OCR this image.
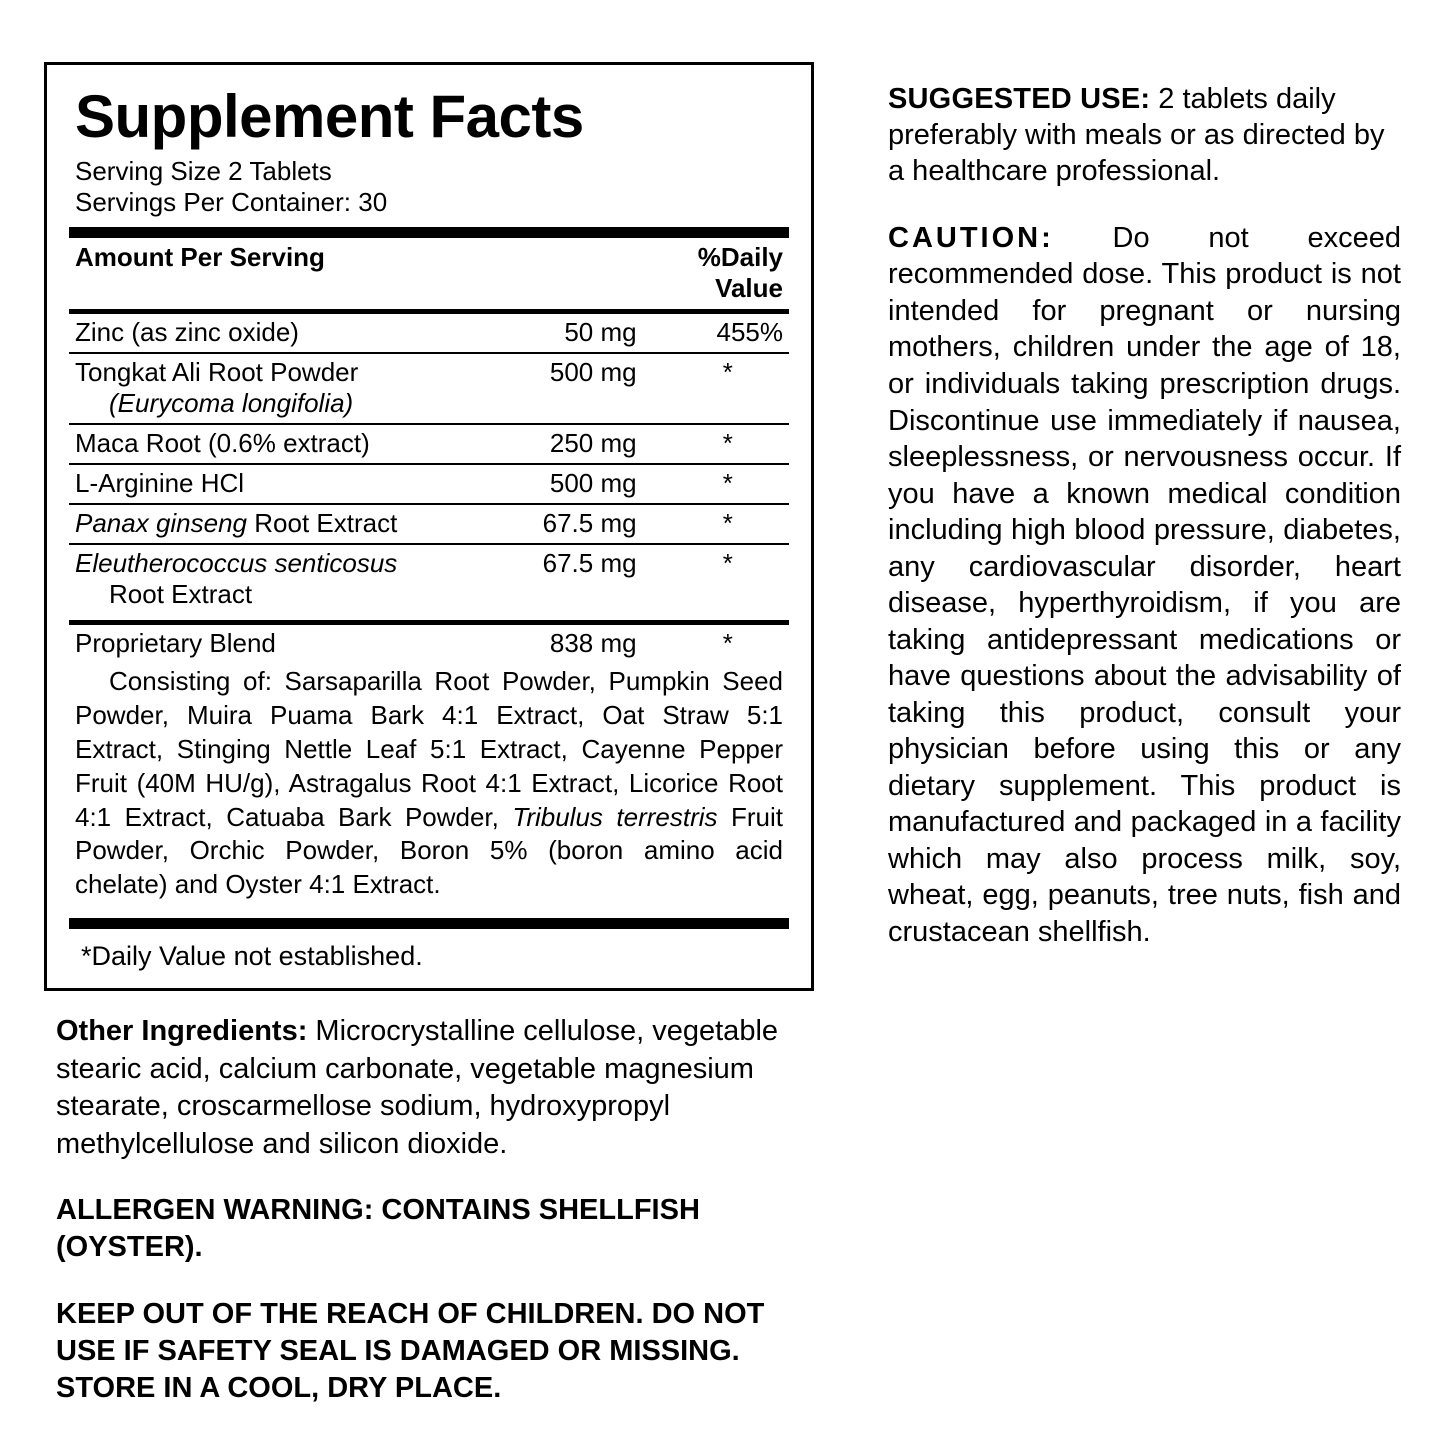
Supplement Facts
Serving Size 2 Tablets
Servings Per Container: 30
Amount Per Serving		%Daily Value
Zinc (as zinc oxide)	50 mg	455%
Tongkat Ali Root Powder
(Eurycoma longifolia)	500 mg	*
Maca Root (0.6% extract)	250 mg	*
L-Arginine HCl	500 mg	*
Panax ginseng Root Extract	67.5 mg	*
Eleutherococcus senticosus
Root Extract	67.5 mg	*
Proprietary Blend	838 mg	*
Consisting of: Sarsaparilla Root Powder, Pumpkin Seed Powder, Muira Puama Bark 4:1 Extract, Oat Straw 5:1 Extract, Stinging Nettle Leaf 5:1 Extract, Cayenne Pepper Fruit (40M HU/g), Astragalus Root 4:1 Extract, Licorice Root 4:1 Extract, Catuaba Bark Powder, Tribulus terrestris Fruit Powder, Orchic Powder, Boron 5% (boron amino acid chelate) and Oyster 4:1 Extract.
*Daily Value not established.
Other Ingredients: Microcrystalline cellulose, vegetable stearic acid, calcium carbonate, vegetable magnesium stearate, croscarmellose sodium, hydroxypropyl methylcellulose and silicon dioxide.
ALLERGEN WARNING: CONTAINS SHELLFISH (OYSTER).
KEEP OUT OF THE REACH OF CHILDREN. DO NOT USE IF SAFETY SEAL IS DAMAGED OR MISSING. STORE IN A COOL, DRY PLACE.
SUGGESTED USE: 2 tablets daily preferably with meals or as directed by a healthcare professional.
CAUTION: Do not exceed recommended dose. This product is not intended for pregnant or nursing mothers, children under the age of 18, or individuals taking prescription drugs. Discontinue use immediately if nausea, sleeplessness, or nervousness occur. If you have a known medical condition including high blood pressure, diabetes, any cardiovascular disorder, heart disease, hyperthyroidism, if you are taking antidepressant medications or have questions about the advisability of taking this product, consult your physician before using this or any dietary supplement. This product is manufactured and packaged in a facility which may also process milk, soy, wheat, egg, peanuts, tree nuts, fish and crustacean shellfish.
